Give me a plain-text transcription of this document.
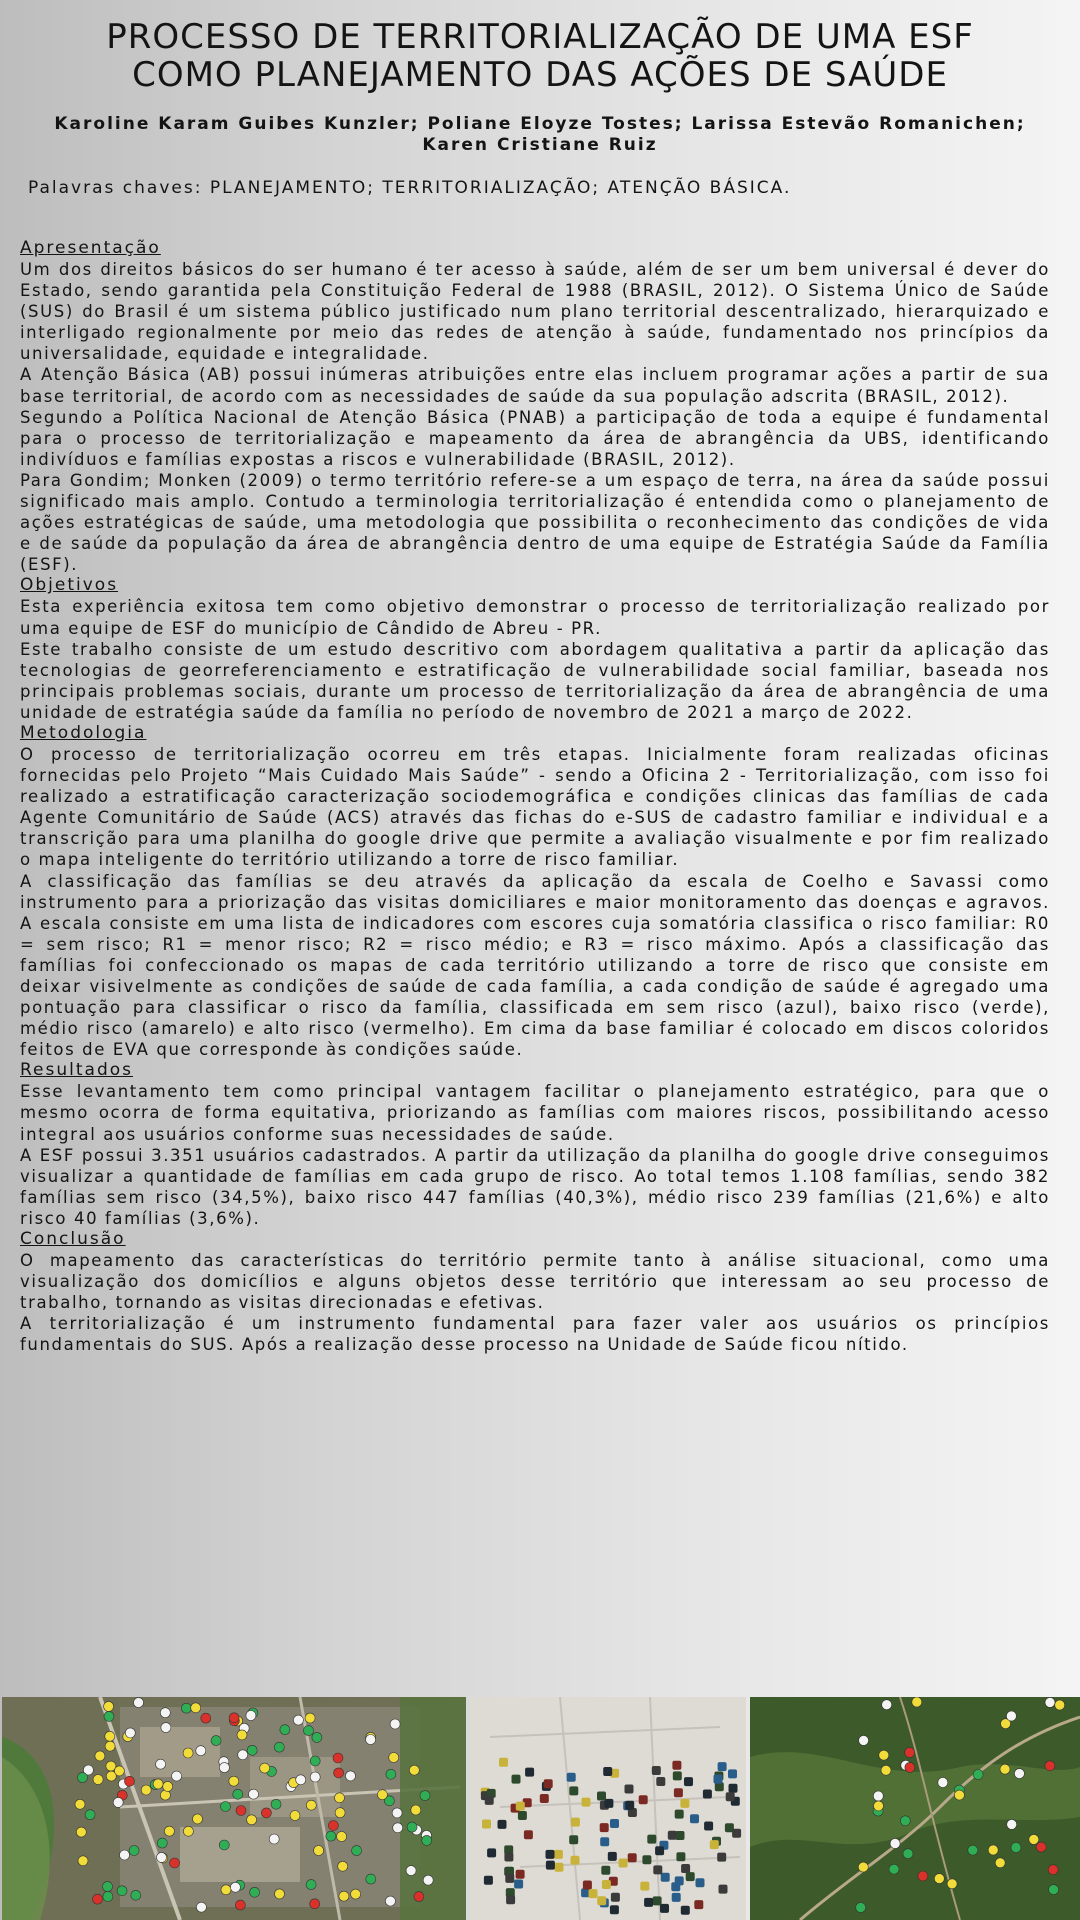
PROCESSO DE TERRITORIALIZAÇÃO DE UMA ESF
COMO PLANEJAMENTO DAS AÇÕES DE SAÚDE

Karoline Karam Guibes Kunzler; Poliane Eloyze Tostes; Larissa Estevão Romanichen; Karen Cristiane Ruiz

Palavras chaves: PLANEJAMENTO; TERRITORIALIZAÇÃO; ATENÇÃO BÁSICA.

Apresentação

Um dos direitos básicos do ser humano é ter acesso à saúde, além de ser um bem universal é dever do Estado, sendo garantida pela Constituição Federal de 1988 (BRASIL, 2012). O Sistema Único de Saúde (SUS) do Brasil é um sistema público justificado num plano territorial descentralizado, hierarquizado e interligado regionalmente por meio das redes de atenção à saúde, fundamentado nos princípios da universalidade, equidade e integralidade.

A Atenção Básica (AB) possui inúmeras atribuições entre elas incluem programar ações a partir de sua base territorial, de acordo com as necessidades de saúde da sua população adscrita (BRASIL, 2012).

Segundo a Política Nacional de Atenção Básica (PNAB) a participação de toda a equipe é fundamental para o processo de territorialização e mapeamento da área de abrangência da UBS, identificando indivíduos e famílias expostas a riscos e vulnerabilidade (BRASIL, 2012).

Para Gondim; Monken (2009) o termo território refere-se a um espaço de terra, na área da saúde possui significado mais amplo. Contudo a terminologia territorialização é entendida como o planejamento de ações estratégicas de saúde, uma metodologia que possibilita o reconhecimento das condições de vida e de saúde da população da área de abrangência dentro de uma equipe de Estratégia Saúde da Família (ESF).

Objetivos

Esta experiência exitosa tem como objetivo demonstrar o processo de territorialização realizado por uma equipe de ESF do município de Cândido de Abreu - PR.

Este trabalho consiste de um estudo descritivo com abordagem qualitativa a partir da aplicação das tecnologias de georreferenciamento e estratificação de vulnerabilidade social familiar, baseada nos principais problemas sociais, durante um processo de territorialização da área de abrangência de uma unidade de estratégia saúde da família no período de novembro de 2021 a março de 2022.

Metodologia

O processo de territorialização ocorreu em três etapas. Inicialmente foram realizadas oficinas fornecidas pelo Projeto “Mais Cuidado Mais Saúde” - sendo a Oficina 2 - Territorialização, com isso foi realizado a estratificação caracterização sociodemográfica e condições clinicas das famílias de cada Agente Comunitário de Saúde (ACS) através das fichas do e-SUS de cadastro familiar e individual e a transcrição para uma planilha do google drive que permite a avaliação visualmente e por fim realizado o mapa inteligente do território utilizando a torre de risco familiar.

A classificação das famílias se deu através da aplicação da escala de Coelho e Savassi como instrumento para a priorização das visitas domiciliares e maior monitoramento das doenças e agravos. A escala consiste em uma lista de indicadores com escores cuja somatória classifica o risco familiar: R0 = sem risco; R1 = menor risco; R2 = risco médio; e R3 = risco máximo. Após a classificação das famílias foi confeccionado os mapas de cada território utilizando a torre de risco que consiste em deixar visivelmente as condições de saúde de cada família, a cada condição de saúde é agregado uma pontuação para classificar o risco da família, classificada em sem risco (azul), baixo risco (verde), médio risco (amarelo) e alto risco (vermelho). Em cima da base familiar é colocado em discos coloridos feitos de EVA que corresponde às condições saúde.

Resultados

Esse levantamento tem como principal vantagem facilitar o planejamento estratégico, para que o mesmo ocorra de forma equitativa, priorizando as famílias com maiores riscos, possibilitando acesso integral aos usuários conforme suas necessidades de saúde.

A ESF possui 3.351 usuários cadastrados. A partir da utilização da planilha do google drive conseguimos visualizar a quantidade de famílias em cada grupo de risco. Ao total temos 1.108 famílias, sendo 382 famílias sem risco (34,5%), baixo risco 447 famílias (40,3%), médio risco 239 famílias (21,6%) e alto risco 40 famílias (3,6%).

Conclusão

O mapeamento das características do território permite tanto à análise situacional, como uma visualização dos domicílios e alguns objetos desse território que interessam ao seu processo de trabalho, tornando as visitas direcionadas e efetivas.

A territorialização é um instrumento fundamental para fazer valer aos usuários os princípios fundamentais do SUS. Após a realização desse processo na Unidade de Saúde ficou nítido.
